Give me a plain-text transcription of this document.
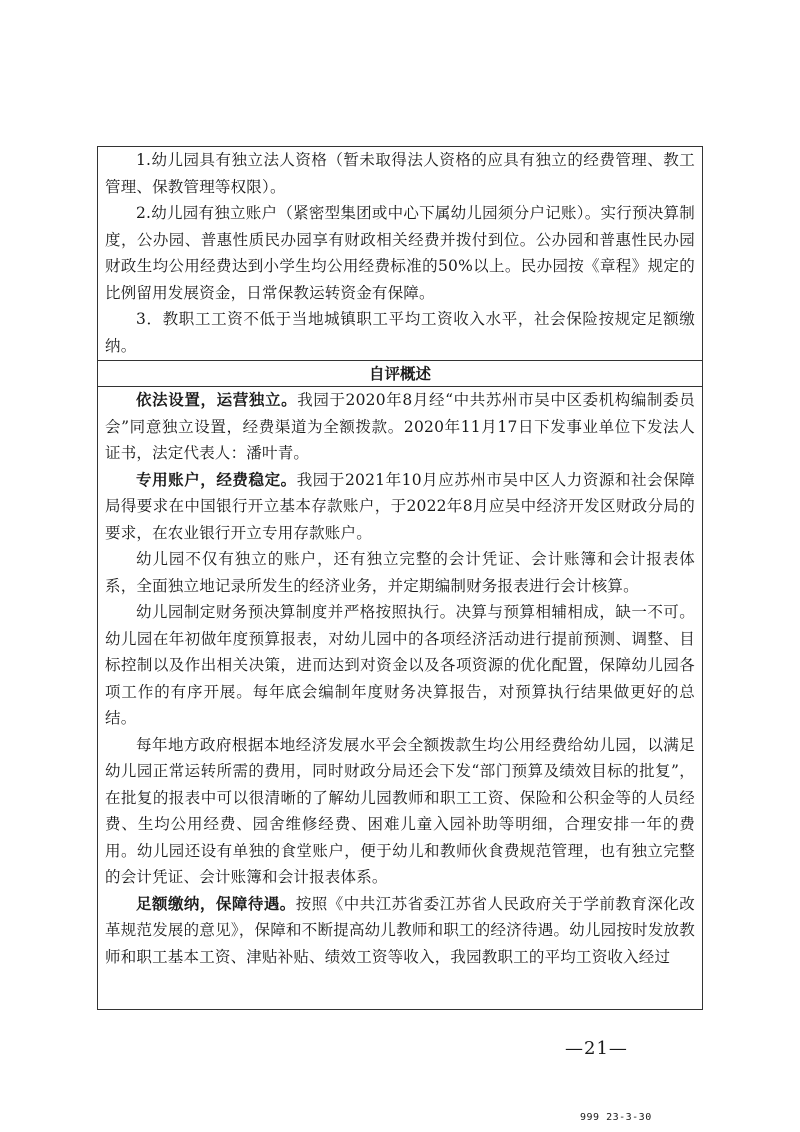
1.幼儿园具有独立法人资格（暂未取得法人资格的应具有独立的经费管理、教工管理、保教管理等权限）。

2.幼儿园有独立账户（紧密型集团或中心下属幼儿园须分户记账）。实行预决算制度，公办园、普惠性质民办园享有财政相关经费并拨付到位。公办园和普惠性民办园财政生均公用经费达到小学生均公用经费标准的50%以上。民办园按《章程》规定的比例留用发展资金，日常保教运转资金有保障。

3．教职工工资不低于当地城镇职工平均工资收入水平，社会保险按规定足额缴纳。

自评概述

依法设置，运营独立。我园于2020年8月经“中共苏州市吴中区委机构编制委员会”同意独立设置，经费渠道为全额拨款。2020年11月17日下发事业单位下发法人证书，法定代表人：潘叶青。

专用账户，经费稳定。我园于2021年10月应苏州市吴中区人力资源和社会保障局得要求在中国银行开立基本存款账户，于2022年8月应吴中经济开发区财政分局的要求，在农业银行开立专用存款账户。

幼儿园不仅有独立的账户，还有独立完整的会计凭证、会计账簿和会计报表体系，全面独立地记录所发生的经济业务，并定期编制财务报表进行会计核算。

幼儿园制定财务预决算制度并严格按照执行。决算与预算相辅相成，缺一不可。幼儿园在年初做年度预算报表，对幼儿园中的各项经济活动进行提前预测、调整、目标控制以及作出相关决策，进而达到对资金以及各项资源的优化配置，保障幼儿园各项工作的有序开展。每年底会编制年度财务决算报告，对预算执行结果做更好的总结。

每年地方政府根据本地经济发展水平会全额拨款生均公用经费给幼儿园，以满足幼儿园正常运转所需的费用，同时财政分局还会下发“部门预算及绩效目标的批复”，在批复的报表中可以很清晰的了解幼儿园教师和职工工资、保险和公积金等的人员经费、生均公用经费、园舍维修经费、困难儿童入园补助等明细，合理安排一年的费用。幼儿园还设有单独的食堂账户，便于幼儿和教师伙食费规范管理，也有独立完整的会计凭证、会计账簿和会计报表体系。

足额缴纳，保障待遇。按照《中共江苏省委江苏省人民政府关于学前教育深化改革规范发展的意见》，保障和不断提高幼儿教师和职工的经济待遇。幼儿园按时发放教师和职工基本工资、津贴补贴、绩效工资等收入，我园教职工的平均工资收入经过

—21—
999 23-3-30
